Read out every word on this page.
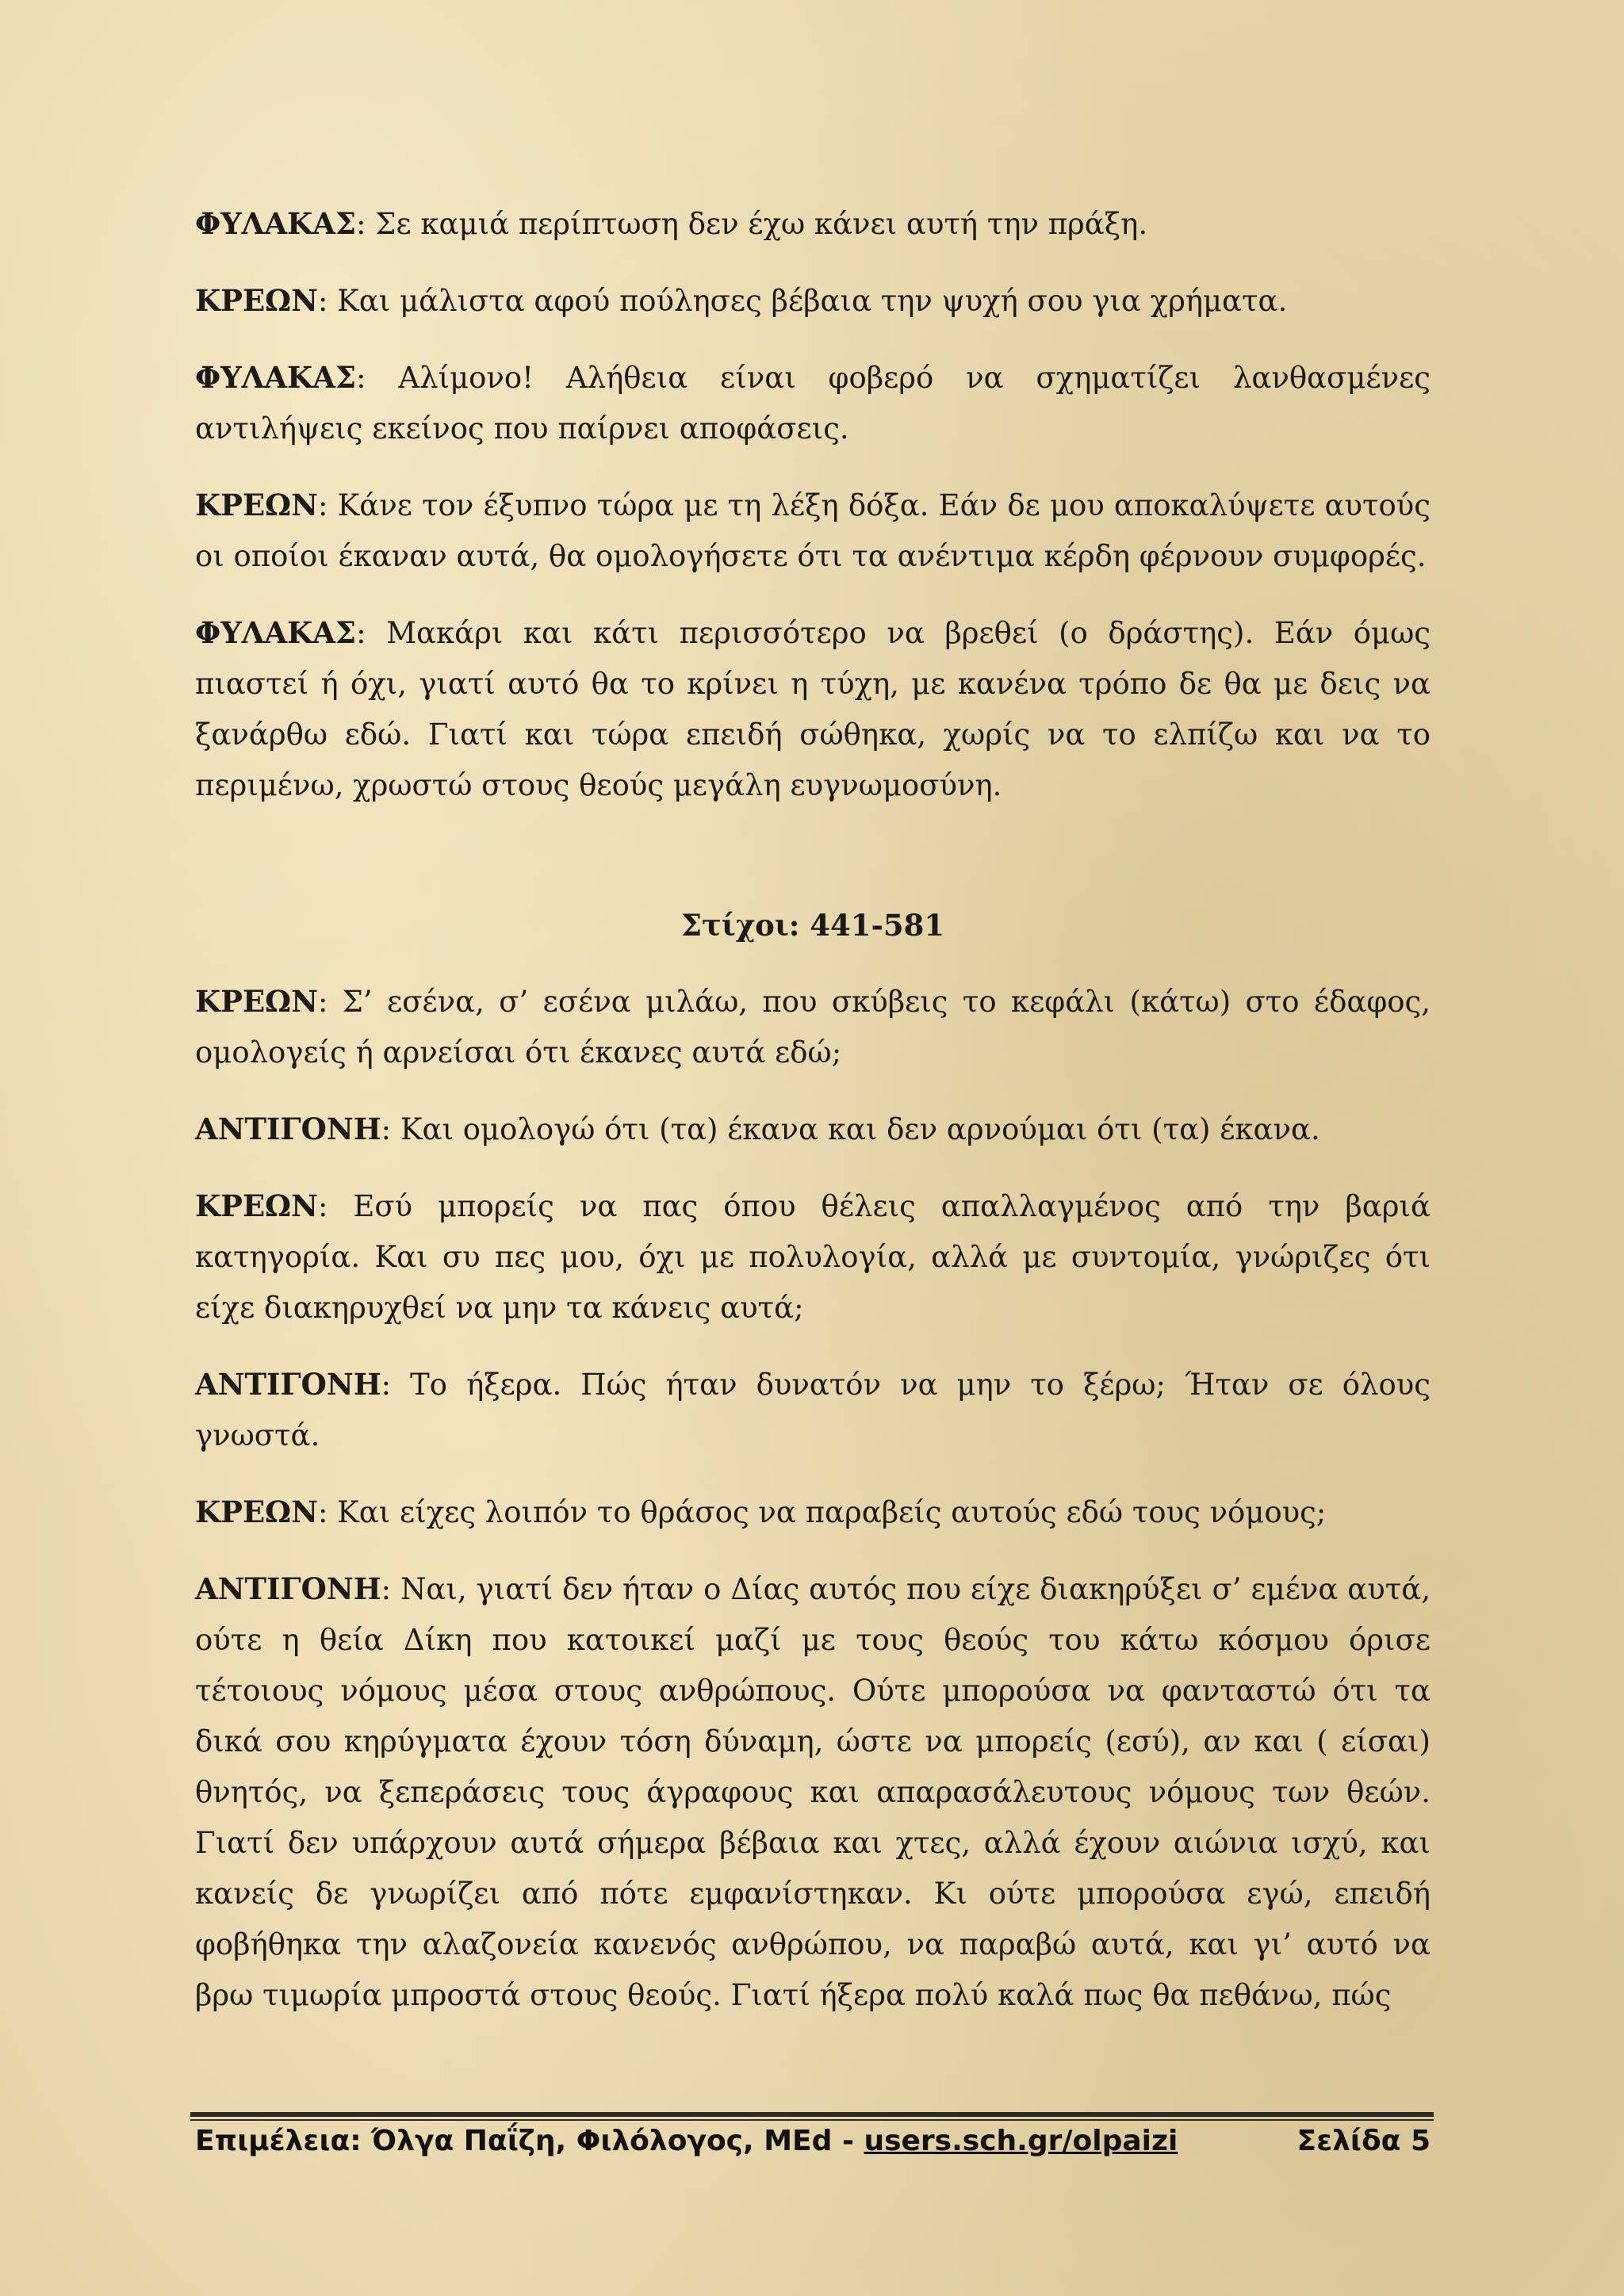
ΦΥΛΑΚΑΣ: Σε καμιά περίπτωση δεν έχω κάνει αυτή την πράξη.

ΚΡΕΩΝ: Και μάλιστα αφού πούλησες βέβαια την ψυχή σου για χρήματα.

ΦΥΛΑΚΑΣ: Αλίμονο! Αλήθεια είναι φοβερό να σχηματίζει λανθασμένες αντιλήψεις εκείνος που παίρνει αποφάσεις.

ΚΡΕΩΝ: Κάνε τον έξυπνο τώρα με τη λέξη δόξα. Εάν δε μου αποκαλύψετε αυτούς οι οποίοι έκαναν αυτά, θα ομολογήσετε ότι τα ανέντιμα κέρδη φέρνουν συμφορές.

ΦΥΛΑΚΑΣ: Μακάρι και κάτι περισσότερο να βρεθεί (ο δράστης). Εάν όμως πιαστεί ή όχι, γιατί αυτό θα το κρίνει η τύχη, με κανένα τρόπο δε θα με δεις να ξανάρθω εδώ. Γιατί και τώρα επειδή σώθηκα, χωρίς να το ελπίζω και να το περιμένω, χρωστώ στους θεούς μεγάλη ευγνωμοσύνη.

Στίχοι: 441-581

ΚΡΕΩΝ: Σ’ εσένα, σ’ εσένα μιλάω, που σκύβεις το κεφάλι (κάτω) στο έδαφος, ομολογείς ή αρνείσαι ότι έκανες αυτά εδώ;

ΑΝΤΙΓΟΝΗ: Και ομολογώ ότι (τα) έκανα και δεν αρνούμαι ότι (τα) έκανα.

ΚΡΕΩΝ: Εσύ μπορείς να πας όπου θέλεις απαλλαγμένος από την βαριά κατηγορία. Και συ πες μου, όχι με πολυλογία, αλλά με συντομία, γνώριζες ότι είχε διακηρυχθεί να μην τα κάνεις αυτά;

ΑΝΤΙΓΟΝΗ: Το ήξερα. Πώς ήταν δυνατόν να μην το ξέρω; Ήταν σε όλους γνωστά.

ΚΡΕΩΝ: Και είχες λοιπόν το θράσος να παραβείς αυτούς εδώ τους νόμους;

ΑΝΤΙΓΟΝΗ: Ναι, γιατί δεν ήταν ο Δίας αυτός που είχε διακηρύξει σ’ εμένα αυτά, ούτε η θεία Δίκη που κατοικεί μαζί με τους θεούς του κάτω κόσμου όρισε τέτοιους νόμους μέσα στους ανθρώπους. Ούτε μπορούσα να φανταστώ ότι τα δικά σου κηρύγματα έχουν τόση δύναμη, ώστε να μπορείς (εσύ), αν και ( είσαι) θνητός, να ξεπεράσεις τους άγραφους και απαρασάλευτους νόμους των θεών. Γιατί δεν υπάρχουν αυτά σήμερα βέβαια και χτες, αλλά έχουν αιώνια ισχύ, και κανείς δε γνωρίζει από πότε εμφανίστηκαν. Κι ούτε μπορούσα εγώ, επειδή φοβήθηκα την αλαζονεία κανενός ανθρώπου, να παραβώ αυτά, και γι’ αυτό να βρω τιμωρία μπροστά στους θεούς. Γιατί ήξερα πολύ καλά πως θα πεθάνω, πώς

Επιμέλεια: Όλγα Παΐζη, Φιλόλογος, MEd - users.sch.gr/olpaizi	Σελίδα 5
